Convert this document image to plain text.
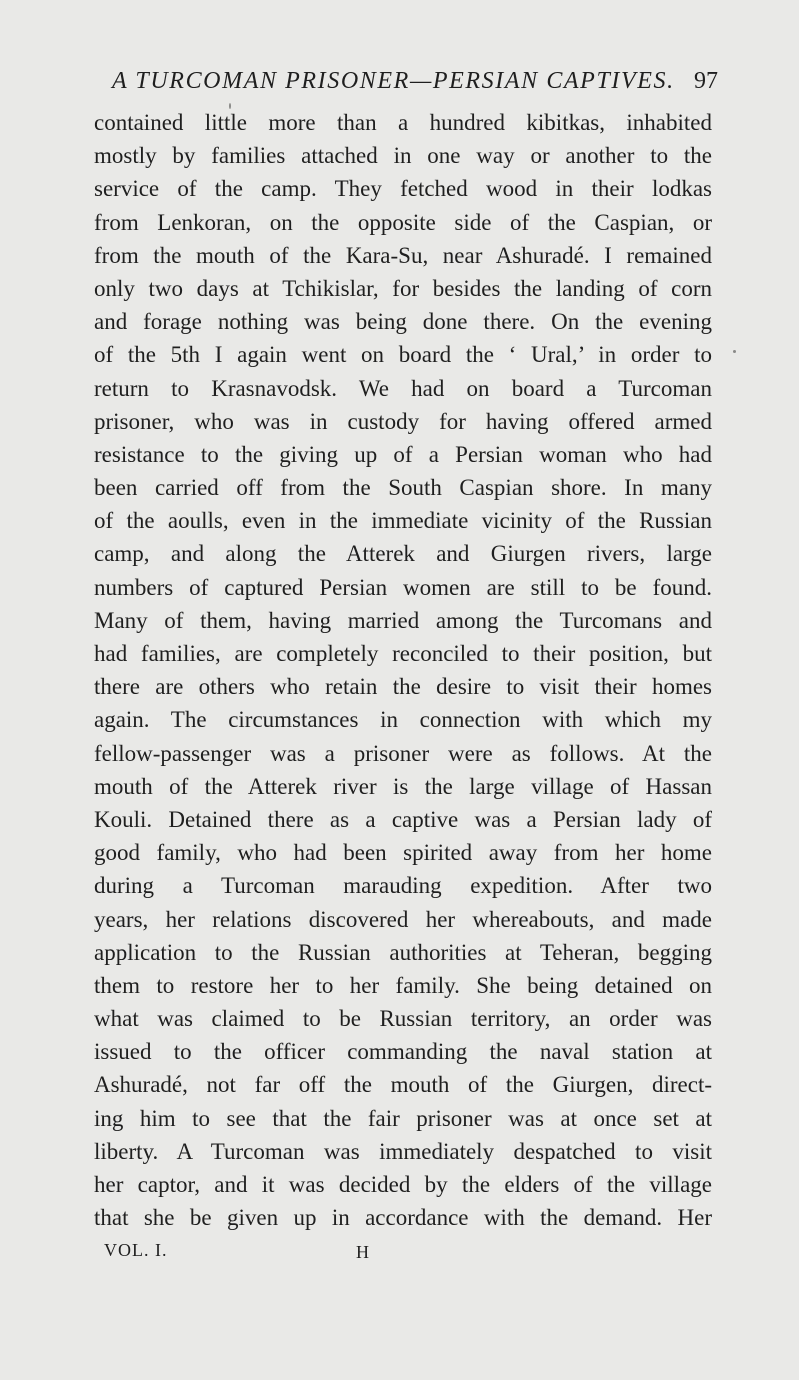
A TURCOMAN PRISONER—PERSIAN CAPTIVES. 97
contained little more than a hundred kibitkas, inhabited
mostly by families attached in one way or another to the
service of the camp. They fetched wood in their lodkas
from Lenkoran, on the opposite side of the Caspian, or
from the mouth of the Kara-Su, near Ashuradé. I remained
only two days at Tchikislar, for besides the landing of corn
and forage nothing was being done there. On the evening
of the 5th I again went on board the ‘ Ural,’ in order to
return to Krasnavodsk. We had on board a Turcoman
prisoner, who was in custody for having offered armed
resistance to the giving up of a Persian woman who had
been carried off from the South Caspian shore. In many
of the aoulls, even in the immediate vicinity of the Russian
camp, and along the Atterek and Giurgen rivers, large
numbers of captured Persian women are still to be found.
Many of them, having married among the Turcomans and
had families, are completely reconciled to their position, but
there are others who retain the desire to visit their homes
again. The circumstances in connection with which my
fellow-passenger was a prisoner were as follows. At the
mouth of the Atterek river is the large village of Hassan
Kouli. Detained there as a captive was a Persian lady of
good family, who had been spirited away from her home
during a Turcoman marauding expedition. After two
years, her relations discovered her whereabouts, and made
application to the Russian authorities at Teheran, begging
them to restore her to her family. She being detained on
what was claimed to be Russian territory, an order was
issued to the officer commanding the naval station at
Ashuradé, not far off the mouth of the Giurgen, direct-
ing him to see that the fair prisoner was at once set at
liberty. A Turcoman was immediately despatched to visit
her captor, and it was decided by the elders of the village
that she be given up in accordance with the demand. Her
VOL. I.	H
